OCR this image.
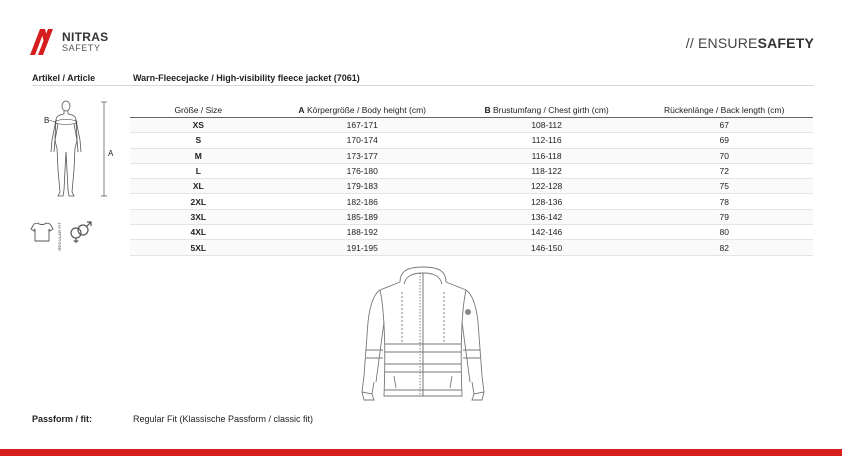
NITRAS
SAFETY	// ENSURESAFETY
Artikel / Article	Warn-Fleecejacke / High-visibility fleece jacket (7061)
B
A
REGULAR FIT
Größe / Size	A Körpergröße / Body height (cm)	B Brustumfang / Chest girth (cm)	Rückenlänge / Back length (cm)
XS	167-171	108-112	67
S	170-174	112-116	69
M	173-177	116-118	70
L	176-180	118-122	72
XL	179-183	122-128	75
2XL	182-186	128-136	78
3XL	185-189	136-142	79
4XL	188-192	142-146	80
5XL	191-195	146-150	82
Passform / fit:	Regular Fit (Klassische Passform / classic fit)
